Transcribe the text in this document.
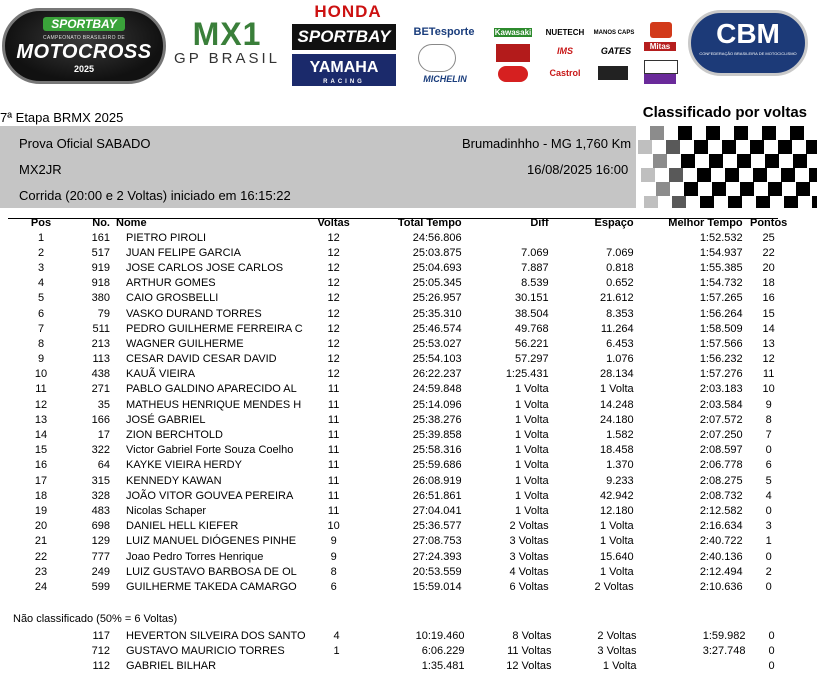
SPORTBAY
CAMPEONATO BRASILEIRO DE
MOTOCROSS
2025
MX1
GP BRASIL
HONDA
SPORTBAY
YAMAHA
RACING
BETesporte
MICHELIN
Kawasaki	NUETECH
IMS
Castrol
MANOS CAPS
GATES	Mitas	CBM
CONFEDERAÇÃO BRASILEIRA DE MOTOCICLISMO
7ª Etapa BRMX 2025	Classificado por voltas
Prova Oficial SABADO	Brumadinhho - MG 1,760 Km
MX2JR	16/08/2025 16:00
Corrida (20:00 e 2 Voltas) iniciado em 16:15:22
Pos	No.	Nome	Voltas	Total Tempo	Diff	Espaço	Melhor Tempo	Pontos
1	161	PIETRO PIROLI	12	24:56.806			1:52.532	25
2	517	JUAN FELIPE GARCIA	12	25:03.875	7.069	7.069	1:54.937	22
3	919	JOSE CARLOS JOSE CARLOS	12	25:04.693	7.887	0.818	1:55.385	20
4	918	ARTHUR GOMES	12	25:05.345	8.539	0.652	1:54.732	18
5	380	CAIO GROSBELLI	12	25:26.957	30.151	21.612	1:57.265	16
6	79	VASKO DURAND TORRES	12	25:35.310	38.504	8.353	1:56.264	15
7	511	PEDRO GUILHERME FERREIRA C	12	25:46.574	49.768	11.264	1:58.509	14
8	213	WAGNER GUILHERME	12	25:53.027	56.221	6.453	1:57.566	13
9	113	CESAR DAVID CESAR DAVID	12	25:54.103	57.297	1.076	1:56.232	12
10	438	KAUÃ VIEIRA	12	26:22.237	1:25.431	28.134	1:57.276	11
11	271	PABLO GALDINO APARECIDO AL	11	24:59.848	1 Volta	1 Volta	2:03.183	10
12	35	MATHEUS HENRIQUE MENDES H	11	25:14.096	1 Volta	14.248	2:03.584	9
13	166	JOSÉ GABRIEL	11	25:38.276	1 Volta	24.180	2:07.572	8
14	17	ZION BERCHTOLD	11	25:39.858	1 Volta	1.582	2:07.250	7
15	322	Victor Gabriel Forte Souza Coelho	11	25:58.316	1 Volta	18.458	2:08.597	0
16	64	KAYKE VIEIRA HERDY	11	25:59.686	1 Volta	1.370	2:06.778	6
17	315	KENNEDY KAWAN	11	26:08.919	1 Volta	9.233	2:08.275	5
18	328	JOÃO VITOR GOUVEA PEREIRA	11	26:51.861	1 Volta	42.942	2:08.732	4
19	483	Nicolas Schaper	11	27:04.041	1 Volta	12.180	2:12.582	0
20	698	DANIEL HELL KIEFER	10	25:36.577	2 Voltas	1 Volta	2:16.634	3
21	129	LUIZ MANUEL DIÓGENES PINHE	9	27:08.753	3 Voltas	1 Volta	2:40.722	1
22	777	Joao Pedro Torres Henrique	9	27:24.393	3 Voltas	15.640	2:40.136	0
23	249	LUIZ GUSTAVO BARBOSA DE OL	8	20:53.559	4 Voltas	1 Volta	2:12.494	2
24	599	GUILHERME TAKEDA CAMARGO	6	15:59.014	6 Voltas	2 Voltas	2:10.636	0
Não classificado (50% = 6 Voltas)
	117	HEVERTON SILVEIRA DOS SANTO	4	10:19.460	8 Voltas	2 Voltas	1:59.982	0
	712	GUSTAVO MAURICIO TORRES	1	6:06.229	11 Voltas	3 Voltas	3:27.748	0
	112	GABRIEL BILHAR		1:35.481	12 Voltas	1 Volta		0
